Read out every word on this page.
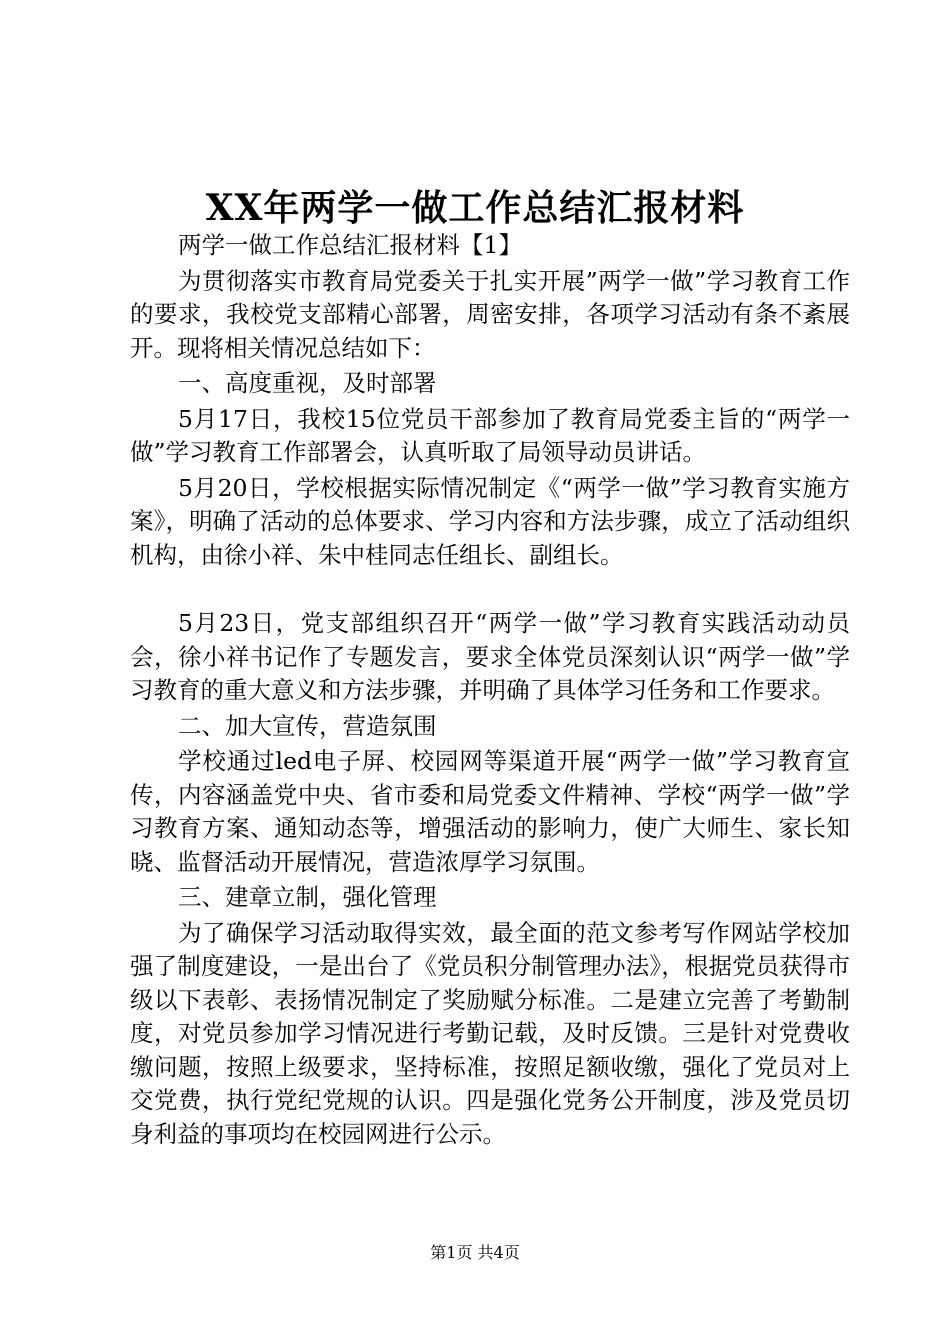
XX年两学一做工作总结汇报材料

两学一做工作总结汇报材料【1】

为贯彻落实市教育局党委关于扎实开展”两学一做”学习教育工作的要求，我校党支部精心部署，周密安排，各项学习活动有条不紊展开。现将相关情况总结如下：

一、高度重视，及时部署

5月17日，我校15位党员干部参加了教育局党委主旨的“两学一做”学习教育工作部署会，认真听取了局领导动员讲话。

5月20日，学校根据实际情况制定《“两学一做”学习教育实施方案》，明确了活动的总体要求、学习内容和方法步骤，成立了活动组织机构，由徐小祥、朱中桂同志任组长、副组长。

5月23日，党支部组织召开“两学一做”学习教育实践活动动员会，徐小祥书记作了专题发言，要求全体党员深刻认识“两学一做”学习教育的重大意义和方法步骤，并明确了具体学习任务和工作要求。

二、加大宣传，营造氛围

学校通过led电子屏、校园网等渠道开展“两学一做”学习教育宣传，内容涵盖党中央、省市委和局党委文件精神、学校“两学一做”学习教育方案、通知动态等，增强活动的影响力，使广大师生、家长知晓、监督活动开展情况，营造浓厚学习氛围。

三、建章立制，强化管理

为了确保学习活动取得实效，最全面的范文参考写作网站学校加强了制度建设，一是出台了《党员积分制管理办法》，根据党员获得市级以下表彰、表扬情况制定了奖励赋分标准。二是建立完善了考勤制度，对党员参加学习情况进行考勤记载，及时反馈。三是针对党费收缴问题，按照上级要求，坚持标准，按照足额收缴，强化了党员对上交党费，执行党纪党规的认识。四是强化党务公开制度，涉及党员切身利益的事项均在校园网进行公示。

第1页 共4页
